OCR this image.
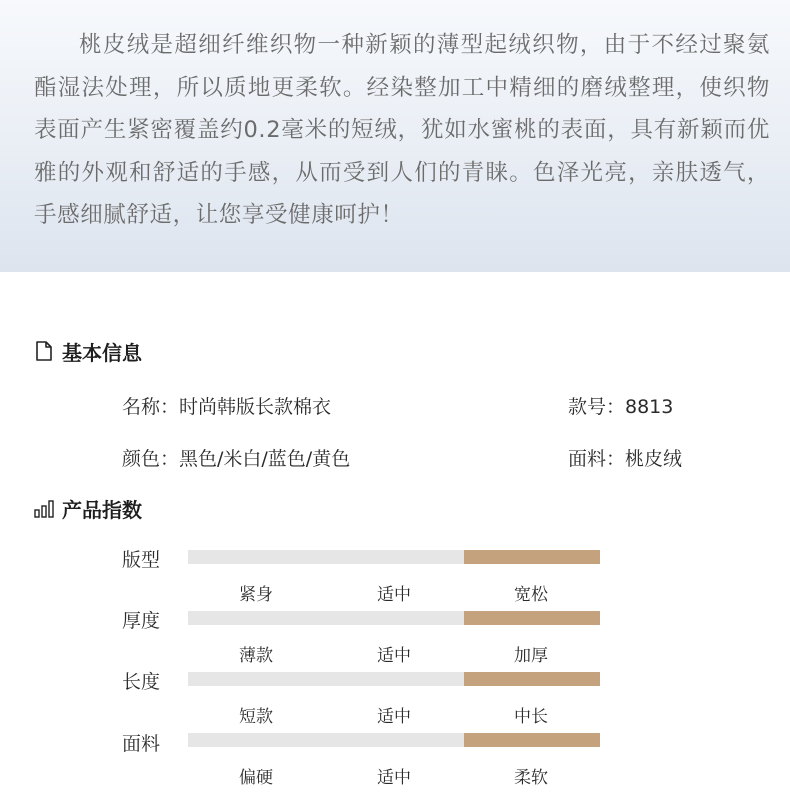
桃皮绒是超细纤维织物一种新颖的薄型起绒织物，由于不经过聚氨酯湿法处理，所以质地更柔软。经染整加工中精细的磨绒整理，使织物表面产生紧密覆盖约0.2毫米的短绒，犹如水蜜桃的表面，具有新颖而优雅的外观和舒适的手感，从而受到人们的青睐。色泽光亮，亲肤透气，手感细腻舒适，让您享受健康呵护！
基本信息
名称：时尚韩版长款棉衣	款号：8813
颜色：黑色/米白/蓝色/黄色	面料：桃皮绒
产品指数
版型
紧身	适中	宽松
厚度
薄款	适中	加厚
长度
短款	适中	中长
面料
偏硬	适中	柔软
